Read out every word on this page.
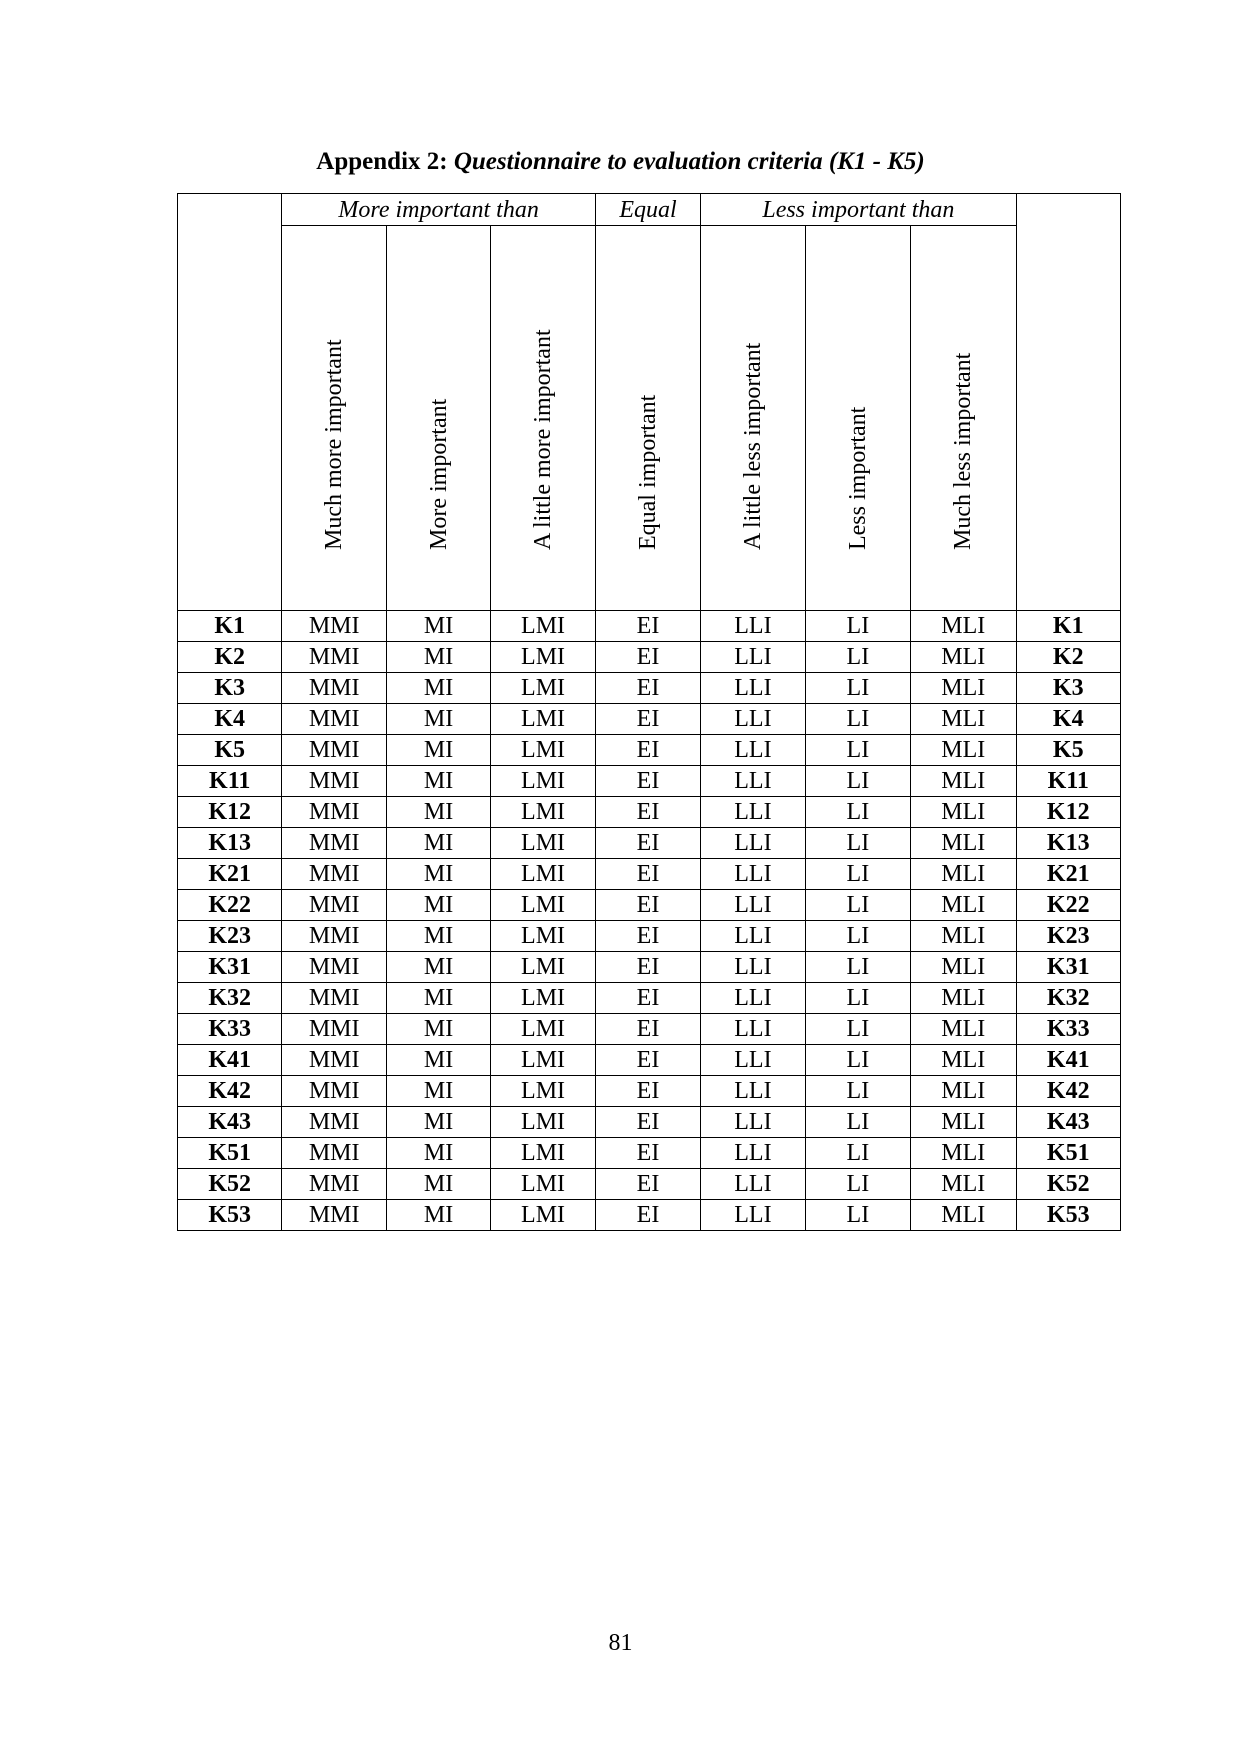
Appendix 2: Questionnaire to evaluation criteria (K1 - K5)
	More important than			Equal	Less important than			

	Much more important	More important	A little more important	Equal important	A little less important	Less important	Much less important	

K1	MMI	MI	LMI	EI	LLI	LI	MLI	K1
K2	MMI	MI	LMI	EI	LLI	LI	MLI	K2
K3	MMI	MI	LMI	EI	LLI	LI	MLI	K3
K4	MMI	MI	LMI	EI	LLI	LI	MLI	K4
K5	MMI	MI	LMI	EI	LLI	LI	MLI	K5
K11	MMI	MI	LMI	EI	LLI	LI	MLI	K11
K12	MMI	MI	LMI	EI	LLI	LI	MLI	K12
K13	MMI	MI	LMI	EI	LLI	LI	MLI	K13
K21	MMI	MI	LMI	EI	LLI	LI	MLI	K21
K22	MMI	MI	LMI	EI	LLI	LI	MLI	K22
K23	MMI	MI	LMI	EI	LLI	LI	MLI	K23
K31	MMI	MI	LMI	EI	LLI	LI	MLI	K31
K32	MMI	MI	LMI	EI	LLI	LI	MLI	K32
K33	MMI	MI	LMI	EI	LLI	LI	MLI	K33
K41	MMI	MI	LMI	EI	LLI	LI	MLI	K41
K42	MMI	MI	LMI	EI	LLI	LI	MLI	K42
K43	MMI	MI	LMI	EI	LLI	LI	MLI	K43
K51	MMI	MI	LMI	EI	LLI	LI	MLI	K51
K52	MMI	MI	LMI	EI	LLI	LI	MLI	K52
K53	MMI	MI	LMI	EI	LLI	LI	MLI	K53
81
